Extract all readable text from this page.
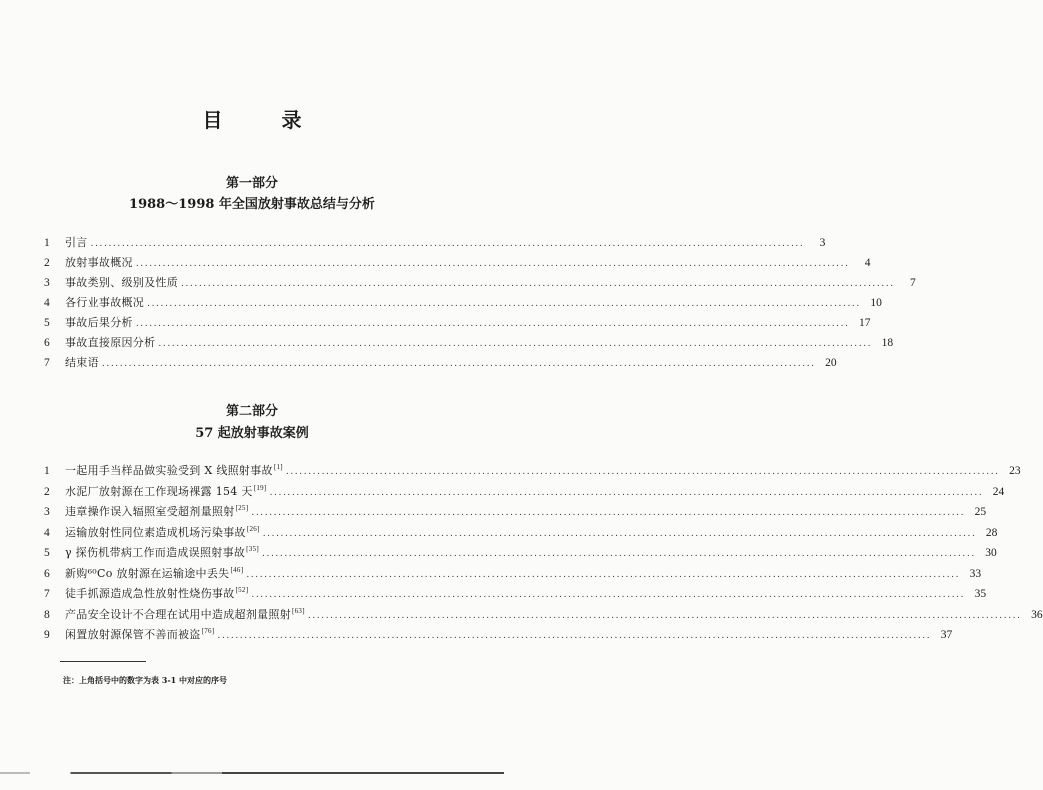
目 录
第一部分
1988～1998 年全国放射事故总结与分析
1	引言 ................................................................................................................................................................	3
2	放射事故概况 ................................................................................................................................................................	4
3	事故类别、级别及性质 ................................................................................................................................................................	7
4	各行业事故概况 ................................................................................................................................................................ 10
5	事故后果分析 ................................................................................................................................................................ 17
6	事故直接原因分析 ................................................................................................................................................................ 18
7	结束语 ................................................................................................................................................................ 20
第二部分
57 起放射事故案例
1	一起用手当样品做实验受到 X 线照射事故[1] ................................................................................................................................................................ 23
2	水泥厂放射源在工作现场裸露 154 天[19] ................................................................................................................................................................ 24
3	违章操作误入辐照室受超剂量照射[25] ................................................................................................................................................................ 25
4	运输放射性同位素造成机场污染事故[26] ................................................................................................................................................................ 28
5	γ 探伤机带病工作而造成误照射事故[35] ................................................................................................................................................................ 30
6	新购⁶⁰Co 放射源在运输途中丢失[46] ................................................................................................................................................................ 33
7	徒手抓源造成急性放射性烧伤事故[52] ................................................................................................................................................................ 35
8	产品安全设计不合理在试用中造成超剂量照射[63] ................................................................................................................................................................ 36
9	闲置放射源保管不善而被盗[76] ................................................................................................................................................................ 37
注：上角括号中的数字为表 3-1 中对应的序号
